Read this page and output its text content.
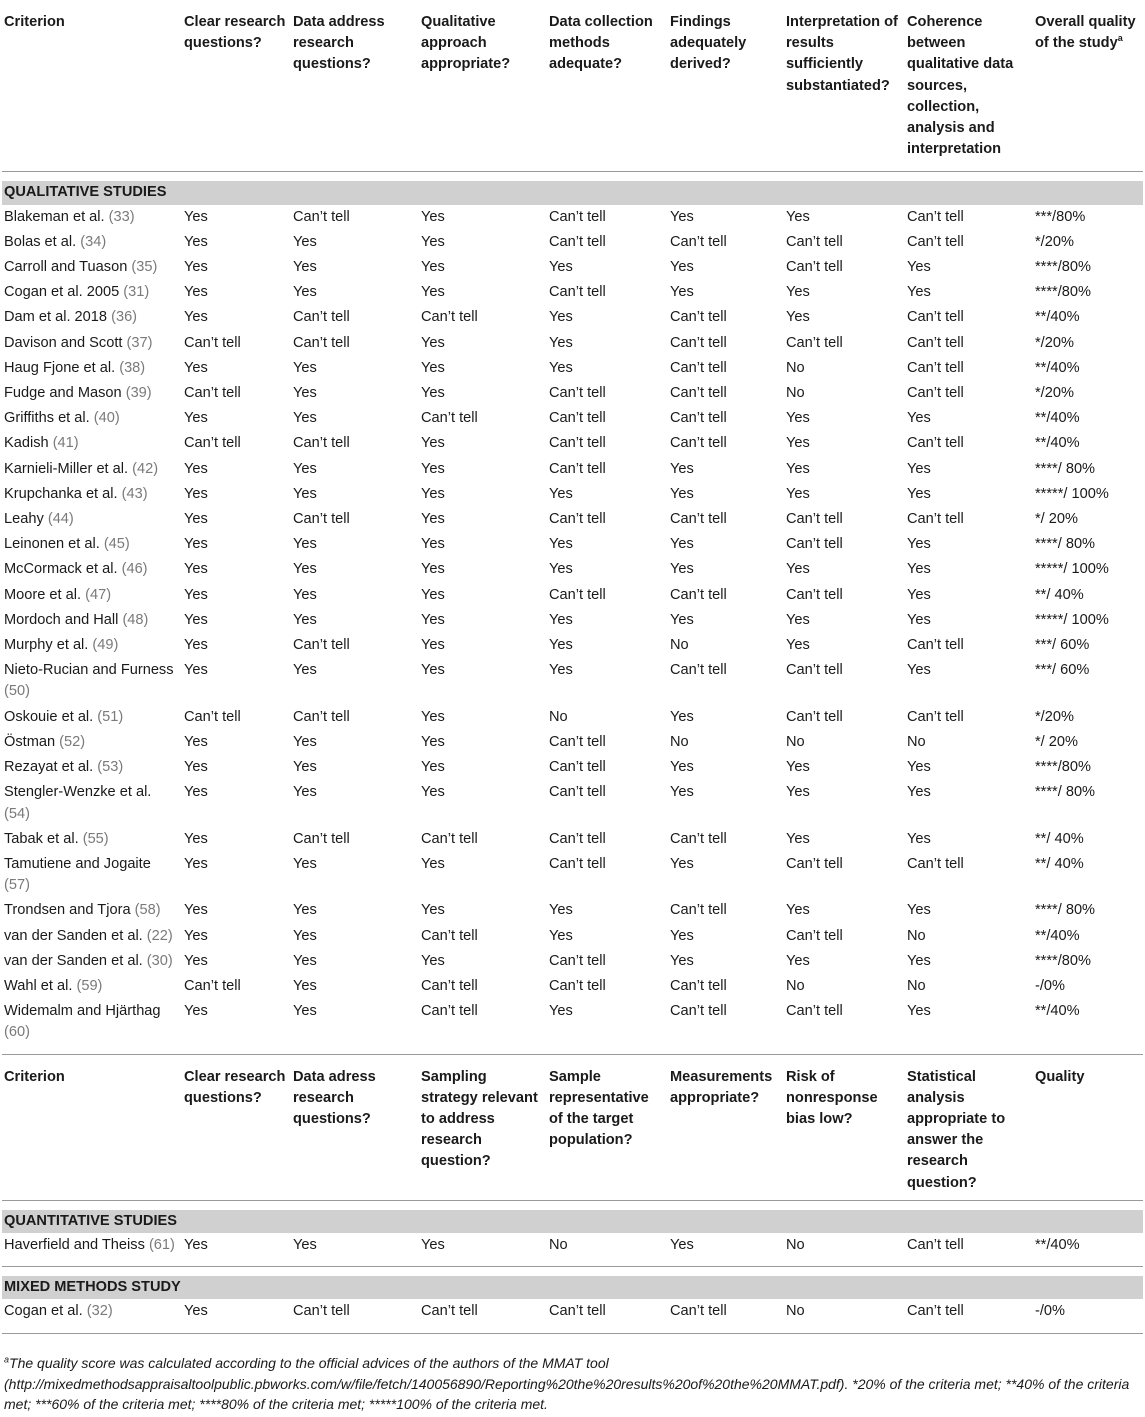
Criterion	Clear research questions?	Data address research questions?	Qualitative approach appropriate?	Data collection methods adequate?	Findings adequately derived?	Interpretation of results sufficiently substantiated?	Coherence between qualitative data sources, collection, analysis and interpretation	Overall quality of the study$^a$

QUALITATIVE STUDIES								
Blakeman et al. (33)	Yes	Can’t tell	Yes	Can’t tell	Yes	Yes	Can’t tell	***/80%
Bolas et al. (34)	Yes	Yes	Yes	Can’t tell	Can’t tell	Can’t tell	Can’t tell	*/20%
Carroll and Tuason (35)	Yes	Yes	Yes	Yes	Yes	Can’t tell	Yes	****/80%
Cogan et al. 2005 (31)	Yes	Yes	Yes	Can’t tell	Yes	Yes	Yes	****/80%
Dam et al. 2018 (36)	Yes	Can’t tell	Can’t tell	Yes	Can’t tell	Yes	Can’t tell	**/40%
Davison and Scott (37)	Can’t tell	Can’t tell	Yes	Yes	Can’t tell	Can’t tell	Can’t tell	*/20%
Haug Fjone et al. (38)	Yes	Yes	Yes	Yes	Can’t tell	No	Can’t tell	**/40%
Fudge and Mason (39)	Can’t tell	Yes	Yes	Can’t tell	Can’t tell	No	Can’t tell	*/20%
Griffiths et al. (40)	Yes	Yes	Can’t tell	Can’t tell	Can’t tell	Yes	Yes	**/40%
Kadish (41)	Can’t tell	Can’t tell	Yes	Can’t tell	Can’t tell	Yes	Can’t tell	**/40%
Karnieli-Miller et al. (42)	Yes	Yes	Yes	Can’t tell	Yes	Yes	Yes	****/ 80%
Krupchanka et al. (43)	Yes	Yes	Yes	Yes	Yes	Yes	Yes	*****/ 100%
Leahy (44)	Yes	Can’t tell	Yes	Can’t tell	Can’t tell	Can’t tell	Can’t tell	*/ 20%
Leinonen et al. (45)	Yes	Yes	Yes	Yes	Yes	Can’t tell	Yes	****/ 80%
McCormack et al. (46)	Yes	Yes	Yes	Yes	Yes	Yes	Yes	*****/ 100%
Moore et al. (47)	Yes	Yes	Yes	Can’t tell	Can’t tell	Can’t tell	Yes	**/ 40%
Mordoch and Hall (48)	Yes	Yes	Yes	Yes	Yes	Yes	Yes	*****/ 100%
Murphy et al. (49)	Yes	Can’t tell	Yes	Yes	No	Yes	Can’t tell	***/ 60%
Nieto-Rucian and Furness (50)	Yes	Yes	Yes	Yes	Can’t tell	Can’t tell	Yes	***/ 60%
Oskouie et al. (51)	Can’t tell	Can’t tell	Yes	No	Yes	Can’t tell	Can’t tell	*/20%
Östman (52)	Yes	Yes	Yes	Can’t tell	No	No	No	*/ 20%
Rezayat et al. (53)	Yes	Yes	Yes	Can’t tell	Yes	Yes	Yes	****/80%
Stengler-Wenzke et al. (54)	Yes	Yes	Yes	Can’t tell	Yes	Yes	Yes	****/ 80%
Tabak et al. (55)	Yes	Can’t tell	Can’t tell	Can’t tell	Can’t tell	Yes	Yes	**/ 40%
Tamutiene and Jogaite (57)	Yes	Yes	Yes	Can’t tell	Yes	Can’t tell	Can’t tell	**/ 40%
Trondsen and Tjora (58)	Yes	Yes	Yes	Yes	Can’t tell	Yes	Yes	****/ 80%
van der Sanden et al. (22)	Yes	Yes	Can’t tell	Yes	Yes	Can’t tell	No	**/40%
van der Sanden et al. (30)	Yes	Yes	Yes	Can’t tell	Yes	Yes	Yes	****/80%
Wahl et al. (59)	Can’t tell	Yes	Can’t tell	Can’t tell	Can’t tell	No	No	-/0%
Widemalm and Hjärthag (60)	Yes	Yes	Can’t tell	Yes	Can’t tell	Can’t tell	Yes	**/40%

Criterion	Clear research questions?	Data adress research questions?	Sampling strategy relevant to address research question?	Sample representative of the target population?	Measurements appropriate?	Risk of nonresponse bias low?	Statistical analysis appropriate to answer the research question?	Quality

QUANTITATIVE STUDIES								
Haverfield and Theiss (61)	Yes	Yes	Yes	No	Yes	No	Can’t tell	**/40%

MIXED METHODS STUDY								
Cogan et al. (32)	Yes	Can’t tell	Can’t tell	Can’t tell	Can’t tell	No	Can’t tell	-/0%

$^a$The quality score was calculated according to the official advices of the authors of the MMAT tool (http://mixedmethodsappraisaltoolpublic.pbworks.com/w/file/fetch/140056890/Reporting%20the%20results%20of%20the%20MMAT.pdf). *20% of the criteria met; **40% of the criteria met; ***60% of the criteria met; ****80% of the criteria met; *****100% of the criteria met.
